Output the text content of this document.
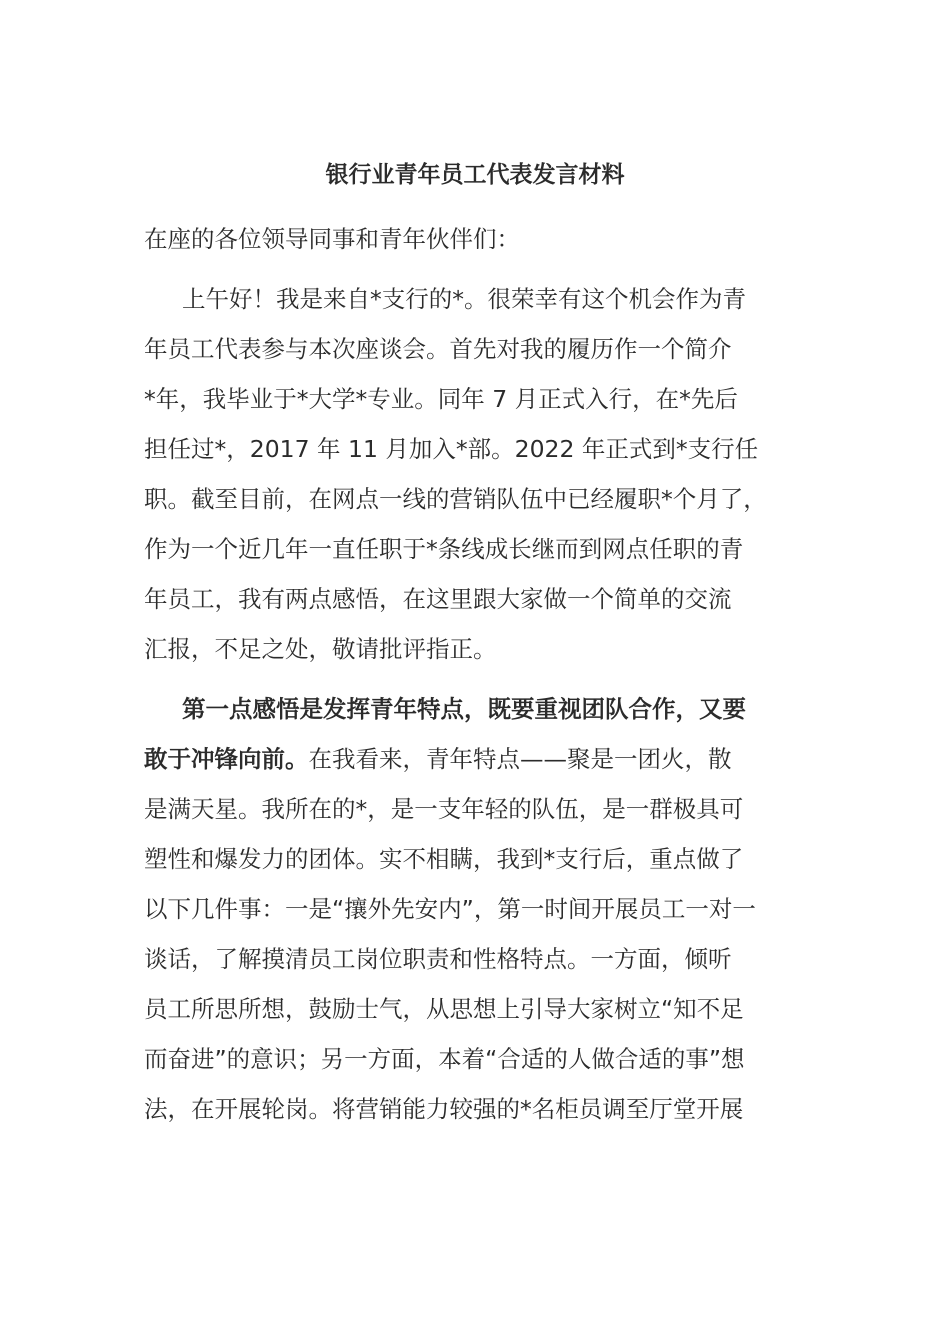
银行业青年员工代表发言材料

在座的各位领导同事和青年伙伴们：

上午好！我是来自*支行的*。很荣幸有这个机会作为青

年员工代表参与本次座谈会。首先对我的履历作一个简介

*年，我毕业于*大学*专业。同年 7 月正式入行，在*先后

担任过*，2017 年 11 月加入*部。2022 年正式到*支行任

职。截至目前，在网点一线的营销队伍中已经履职*个月了，

作为一个近几年一直任职于*条线成长继而到网点任职的青

年员工，我有两点感悟，在这里跟大家做一个简单的交流

汇报，不足之处，敬请批评指正。

第一点感悟是发挥青年特点，既要重视团队合作，又要

敢于冲锋向前。在我看来，青年特点——聚是一团火，散

是满天星。我所在的*，是一支年轻的队伍，是一群极具可

塑性和爆发力的团体。实不相瞒，我到*支行后，重点做了

以下几件事：一是“攘外先安内”，第一时间开展员工一对一

谈话，了解摸清员工岗位职责和性格特点。一方面，倾听

员工所思所想，鼓励士气，从思想上引导大家树立“知不足

而奋进”的意识；另一方面，本着“合适的人做合适的事”想

法，在开展轮岗。将营销能力较强的*名柜员调至厅堂开展
